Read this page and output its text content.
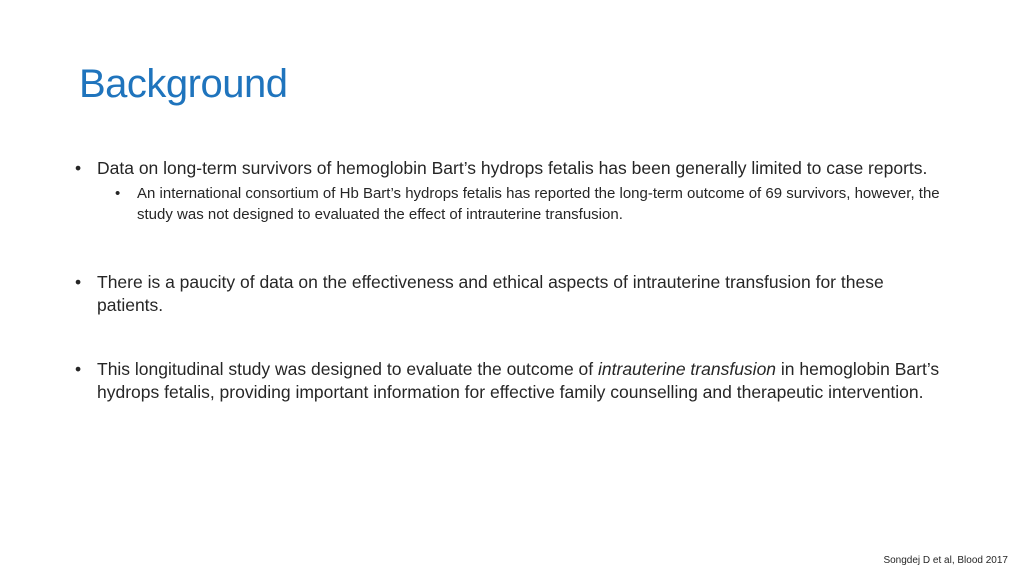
Background
• Data on long-term survivors of hemoglobin Bart’s hydrops fetalis has been generally limited to case reports.
• An international consortium of Hb Bart’s hydrops fetalis has reported the long-term outcome of 69 survivors, however, the study was not designed to evaluated the effect of intrauterine transfusion.
• There is a paucity of data on the effectiveness and ethical aspects of intrauterine transfusion for these patients.
• This longitudinal study was designed to evaluate the outcome of intrauterine transfusion in hemoglobin Bart’s hydrops fetalis, providing important information for effective family counselling and therapeutic intervention.
Songdej D et al, Blood 2017
